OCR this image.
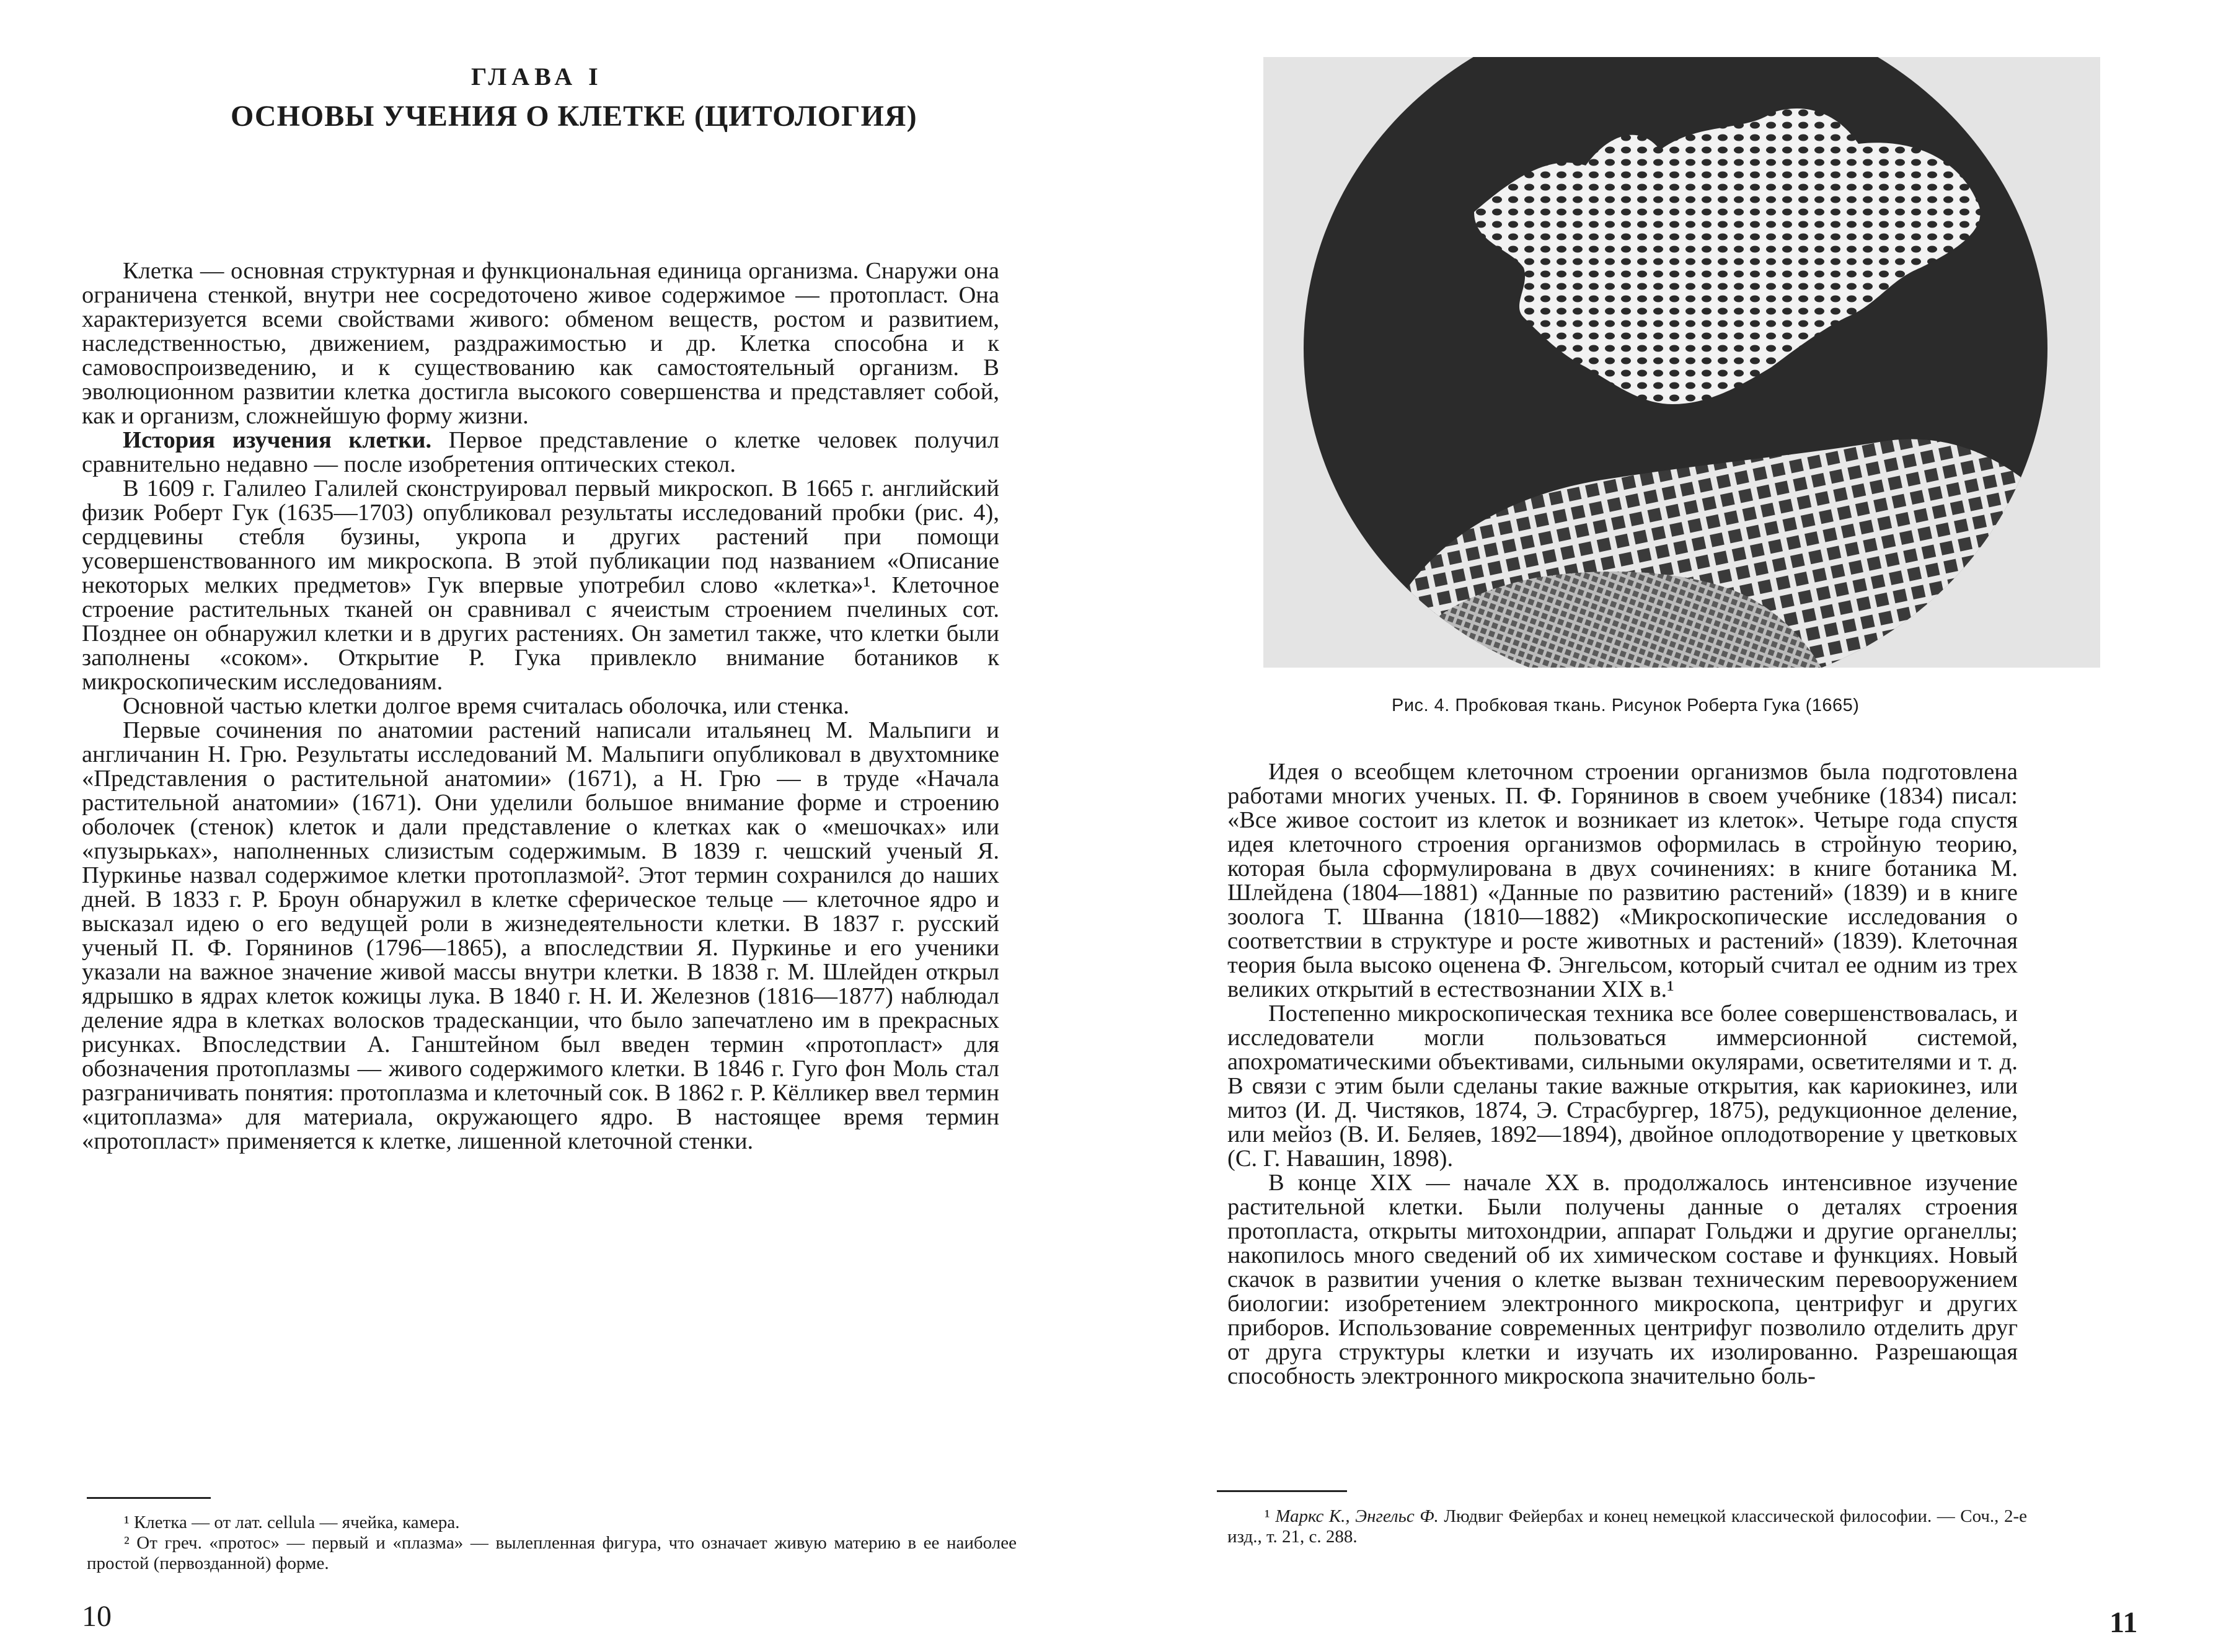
ГЛАВА I
ОСНОВЫ УЧЕНИЯ О КЛЕТКЕ (ЦИТОЛОГИЯ)

Клетка — основная структурная и функциональная единица организма. Снаружи она ограничена стенкой, внутри нее сосредоточено живое содержимое — протопласт. Она характеризуется всеми свойствами живого: обменом веществ, ростом и развитием, наследственностью, движением, раздражимостью и др. Клетка способна и к самовоспроизведению, и к существованию как самостоятельный организм. В эволюционном развитии клетка достигла высокого совершенства и представляет собой, как и организм, сложнейшую форму жизни.

История изучения клетки. Первое представление о клетке человек получил сравнительно недавно — после изобретения оптических стекол.

В 1609 г. Галилео Галилей сконструировал первый микроскоп. В 1665 г. английский физик Роберт Гук (1635—1703) опубликовал результаты исследований пробки (рис. 4), сердцевины стебля бузины, укропа и других растений при помощи усовершенствованного им микроскопа. В этой публикации под названием «Описание некоторых мелких предметов» Гук впервые употребил слово «клетка»¹. Клеточное строение растительных тканей он сравнивал с ячеистым строением пчелиных сот. Позднее он обнаружил клетки и в других растениях. Он заметил также, что клетки были заполнены «соком». Открытие Р. Гука привлекло внимание ботаников к микроскопическим исследованиям.

Основной частью клетки долгое время считалась оболочка, или стенка.

Первые сочинения по анатомии растений написали итальянец М. Мальпиги и англичанин Н. Грю. Результаты исследований М. Мальпиги опубликовал в двухтомнике «Представления о растительной анатомии» (1671), а Н. Грю — в труде «Начала растительной анатомии» (1671). Они уделили большое внимание форме и строению оболочек (стенок) клеток и дали представление о клетках как о «мешочках» или «пузырьках», наполненных слизистым содержимым. В 1839 г. чешский ученый Я. Пуркинье назвал содержимое клетки протоплазмой². Этот термин сохранился до наших дней. В 1833 г. Р. Броун обнаружил в клетке сферическое тельце — клеточное ядро и высказал идею о его ведущей роли в жизнедеятельности клетки. В 1837 г. русский ученый П. Ф. Горянинов (1796—1865), а впоследствии Я. Пуркинье и его ученики указали на важное значение живой массы внутри клетки. В 1838 г. М. Шлейден открыл ядрышко в ядрах клеток кожицы лука. В 1840 г. Н. И. Железнов (1816—1877) наблюдал деление ядра в клетках волосков традесканции, что было запечатлено им в прекрасных рисунках. Впоследствии А. Ганштейном был введен термин «протопласт» для обозначения протоплазмы — живого содержимого клетки. В 1846 г. Гуго фон Моль стал разграничивать понятия: протоплазма и клеточный сок. В 1862 г. Р. Кёлликер ввел термин «цитоплазма» для материала, окружающего ядро. В настоящее время термин «протопласт» применяется к клетке, лишенной клеточной стенки.

¹ Клетка — от лат. cellula — ячейка, камера.

² От греч. «протос» — первый и «плазма» — вылепленная фигура, что означает живую материю в ее наиболее простой (первозданной) форме.

10
Рис. 4. Пробковая ткань. Рисунок Роберта Гука (1665)

Идея о всеобщем клеточном строении организмов была подготовлена работами многих ученых. П. Ф. Горянинов в своем учебнике (1834) писал: «Все живое состоит из клеток и возникает из клеток». Четыре года спустя идея клеточного строения организмов оформилась в стройную теорию, которая была сформулирована в двух сочинениях: в книге ботаника М. Шлейдена (1804—1881) «Данные по развитию растений» (1839) и в книге зоолога Т. Шванна (1810—1882) «Микроскопические исследования о соответствии в структуре и росте животных и растений» (1839). Клеточная теория была высоко оценена Ф. Энгельсом, который считал ее одним из трех великих открытий в естествознании XIX в.¹

Постепенно микроскопическая техника все более совершенствовалась, и исследователи могли пользоваться иммерсионной системой, апохроматическими объективами, сильными окулярами, осветителями и т. д. В связи с этим были сделаны такие важные открытия, как кариокинез, или митоз (И. Д. Чистяков, 1874, Э. Страсбургер, 1875), редукционное деление, или мейоз (В. И. Беляев, 1892—1894), двойное оплодотворение у цветковых (С. Г. Навашин, 1898).

В конце XIX — начале XX в. продолжалось интенсивное изучение растительной клетки. Были получены данные о деталях строения протопласта, открыты митохондрии, аппарат Гольджи и другие органеллы; накопилось много сведений об их химическом составе и функциях. Новый скачок в развитии учения о клетке вызван техническим перевооружением биологии: изобретением электронного микроскопа, центрифуг и других приборов. Использование современных центрифуг позволило отделить друг от друга структуры клетки и изучать их изолированно. Разрешающая способность электронного микроскопа значительно боль-

¹ Маркс К., Энгельс Ф. Людвиг Фейербах и конец немецкой классической философии. — Соч., 2-е изд., т. 21, с. 288.

11
